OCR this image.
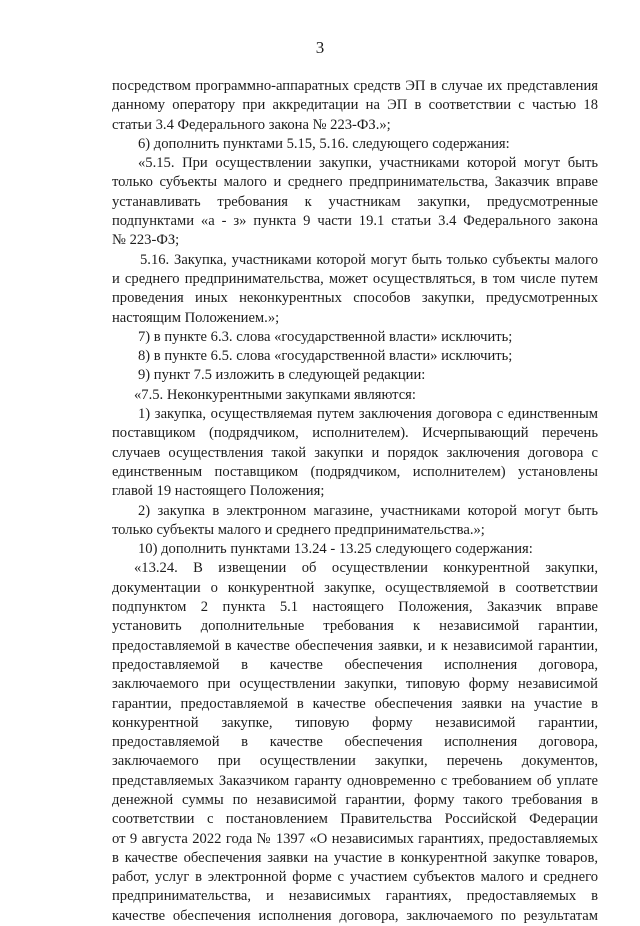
3
посредством программно-аппаратных средств ЭП в случае их представления
данному оператору при аккредитации на ЭП в соответствии с частью 18
статьи 3.4 Федерального закона № 223-ФЗ.»;
6) дополнить пунктами 5.15, 5.16. следующего содержания:
«5.15. При осуществлении закупки, участниками которой могут быть
только субъекты малого и среднего предпринимательства, Заказчик вправе
устанавливать требования к участникам закупки, предусмотренные
подпунктами «а - з» пункта 9 части 19.1 статьи 3.4 Федерального закона
№ 223-ФЗ;
5.16. Закупка, участниками которой могут быть только субъекты малого
и среднего предпринимательства, может осуществляться, в том числе путем
проведения иных неконкурентных способов закупки, предусмотренных
настоящим Положением.»;
7) в пункте 6.3. слова «государственной власти» исключить;
8) в пункте 6.5. слова «государственной власти» исключить;
9) пункт 7.5 изложить в следующей редакции:
«7.5. Неконкурентными закупками являются:
1) закупка, осуществляемая путем заключения договора с единственным
поставщиком (подрядчиком, исполнителем). Исчерпывающий перечень
случаев осуществления такой закупки и порядок заключения договора с
единственным поставщиком (подрядчиком, исполнителем) установлены
главой 19 настоящего Положения;
2) закупка в электронном магазине, участниками которой могут быть
только субъекты малого и среднего предпринимательства.»;
10) дополнить пунктами 13.24 - 13.25 следующего содержания:
«13.24. В извещении об осуществлении конкурентной закупки,
документации о конкурентной закупке, осуществляемой в соответствии
подпунктом 2 пункта 5.1 настоящего Положения, Заказчик вправе
установить дополнительные требования к независимой гарантии,
предоставляемой в качестве обеспечения заявки, и к независимой гарантии,
предоставляемой в качестве обеспечения исполнения договора,
заключаемого при осуществлении закупки, типовую форму независимой
гарантии, предоставляемой в качестве обеспечения заявки на участие в
конкурентной закупке, типовую форму независимой гарантии,
предоставляемой в качестве обеспечения исполнения договора,
заключаемого при осуществлении закупки, перечень документов,
представляемых Заказчиком гаранту одновременно с требованием об уплате
денежной суммы по независимой гарантии, форму такого требования в
соответствии с постановлением Правительства Российской Федерации
от 9 августа 2022 года № 1397 «О независимых гарантиях, предоставляемых
в качестве обеспечения заявки на участие в конкурентной закупке товаров,
работ, услуг в электронной форме с участием субъектов малого и среднего
предпринимательства, и независимых гарантиях, предоставляемых в
качестве обеспечения исполнения договора, заключаемого по результатам
